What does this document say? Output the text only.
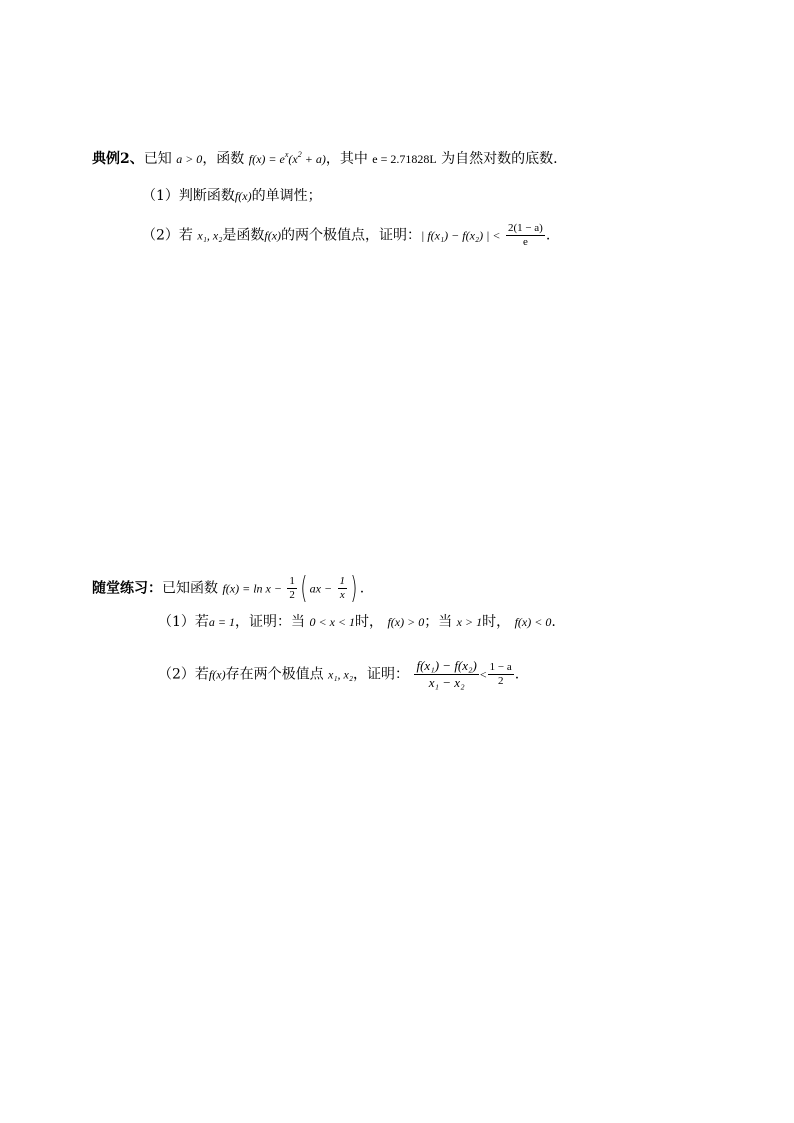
典例2、已知 a > 0，函数 $f(x) = e^x(x^2 + a)$，其中 e = 2.71828L 为自然对数的底数.
（1）判断函数f(x)的单调性；
（2）若 x₁, x₂是函数f(x)的两个极值点，证明：| f(x₁) − f(x₂) | < $\frac{2(1 - a)}{e}$ .
随堂练习：已知函数 $f(x) = \ln x - \frac{1}{2}$ ( ax − $\frac{1}{x}$ ) .
（1）若a = 1，证明：当 0 < x < 1时， f(x) > 0；当 x > 1时， f(x) < 0.
（2）若f(x)存在两个极值点 x₁, x₂，证明： $\frac{\text{f(x₁) − f(x₂)}}{\text{x₁ − x₂}} < \frac{1 - a}{2}$ .
